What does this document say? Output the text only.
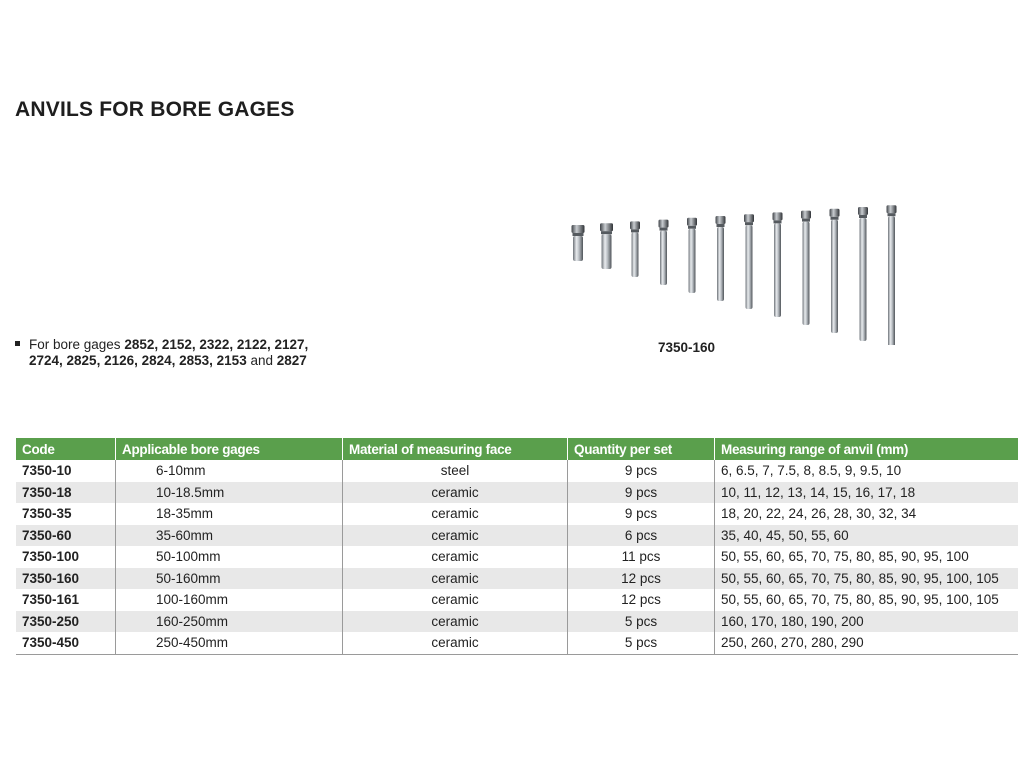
ANVILS FOR BORE GAGES
7350-160
For bore gages 2852, 2152, 2322, 2122, 2127,
2724, 2825, 2126, 2824, 2853, 2153 and 2827
Code	Applicable bore gages	Material of measuring face	Quantity per set	Measuring range of anvil (mm)
7350-10	6-10mm	steel	9 pcs	6, 6.5, 7, 7.5, 8, 8.5, 9, 9.5, 10
7350-18	10-18.5mm	ceramic	9 pcs	10, 11, 12, 13, 14, 15, 16, 17, 18
7350-35	18-35mm	ceramic	9 pcs	18, 20, 22, 24, 26, 28, 30, 32, 34
7350-60	35-60mm	ceramic	6 pcs	35, 40, 45, 50, 55, 60
7350-100	50-100mm	ceramic	11 pcs	50, 55, 60, 65, 70, 75, 80, 85, 90, 95, 100
7350-160	50-160mm	ceramic	12 pcs	50, 55, 60, 65, 70, 75, 80, 85, 90, 95, 100, 105
7350-161	100-160mm	ceramic	12 pcs	50, 55, 60, 65, 70, 75, 80, 85, 90, 95, 100, 105
7350-250	160-250mm	ceramic	5 pcs	160, 170, 180, 190, 200
7350-450	250-450mm	ceramic	5 pcs	250, 260, 270, 280, 290
